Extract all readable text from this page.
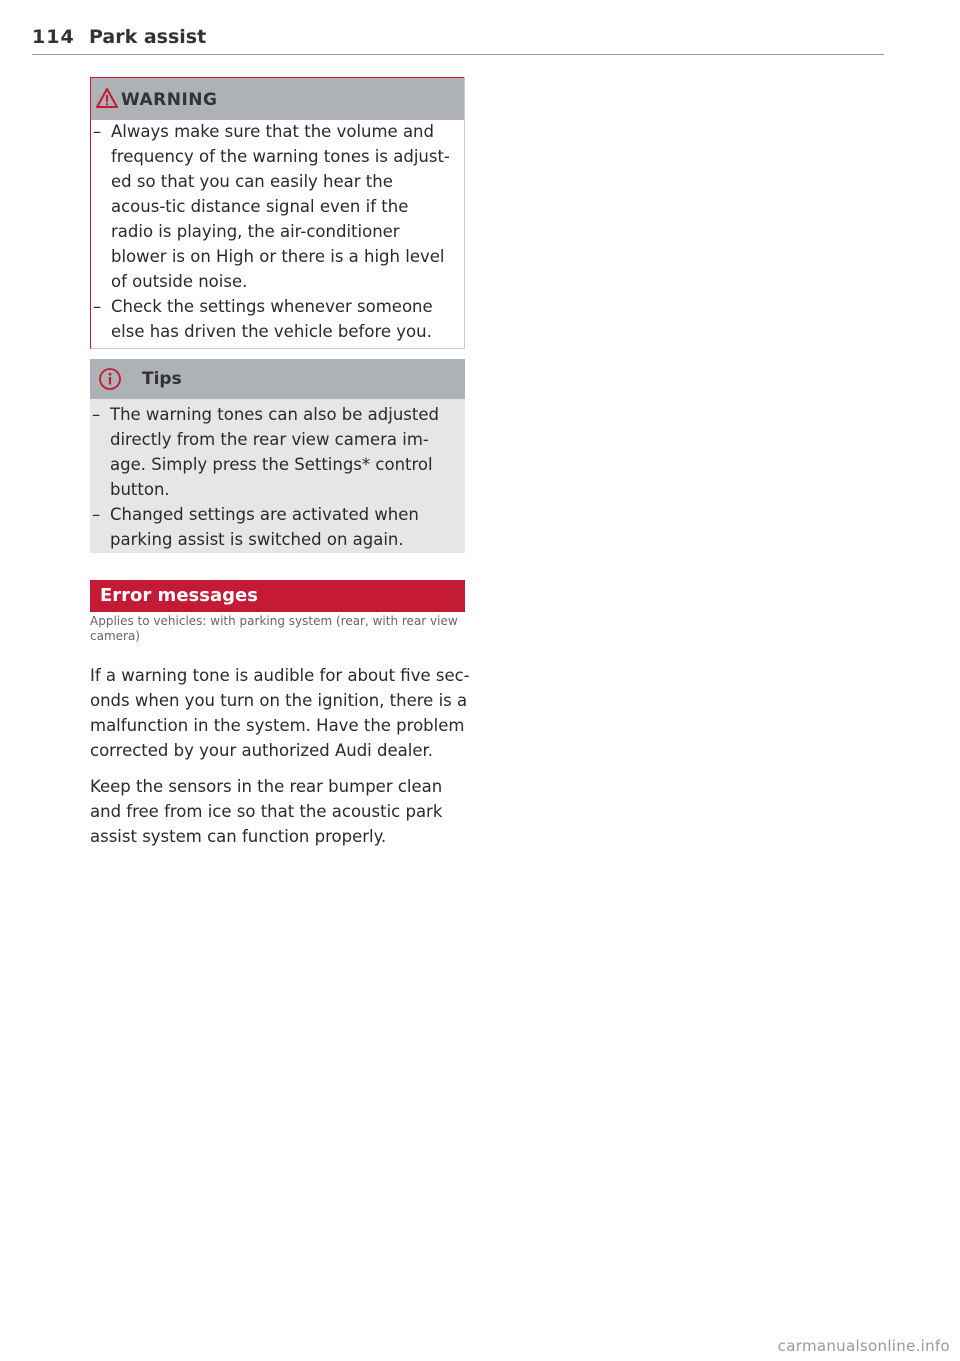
114 Park assist
WARNING
– Always make sure that the volume and frequency of the warning tones is adjust-ed so that you can easily hear the acous-tic distance signal even if the radio is playing, the air-conditioner blower is on High or there is a high level of outside noise.
– Check the settings whenever someone else has driven the vehicle before you.
Tips
– The warning tones can also be adjusted directly from the rear view camera im-age. Simply press the Settings* control button.
– Changed settings are activated when parking assist is switched on again.
Error messages
Applies to vehicles: with parking system (rear, with rear view camera)

If a warning tone is audible for about five sec-onds when you turn on the ignition, there is a malfunction in the system. Have the problem corrected by your authorized Audi dealer.

Keep the sensors in the rear bumper clean and free from ice so that the acoustic park assist system can function properly.

carmanualsonline.info
